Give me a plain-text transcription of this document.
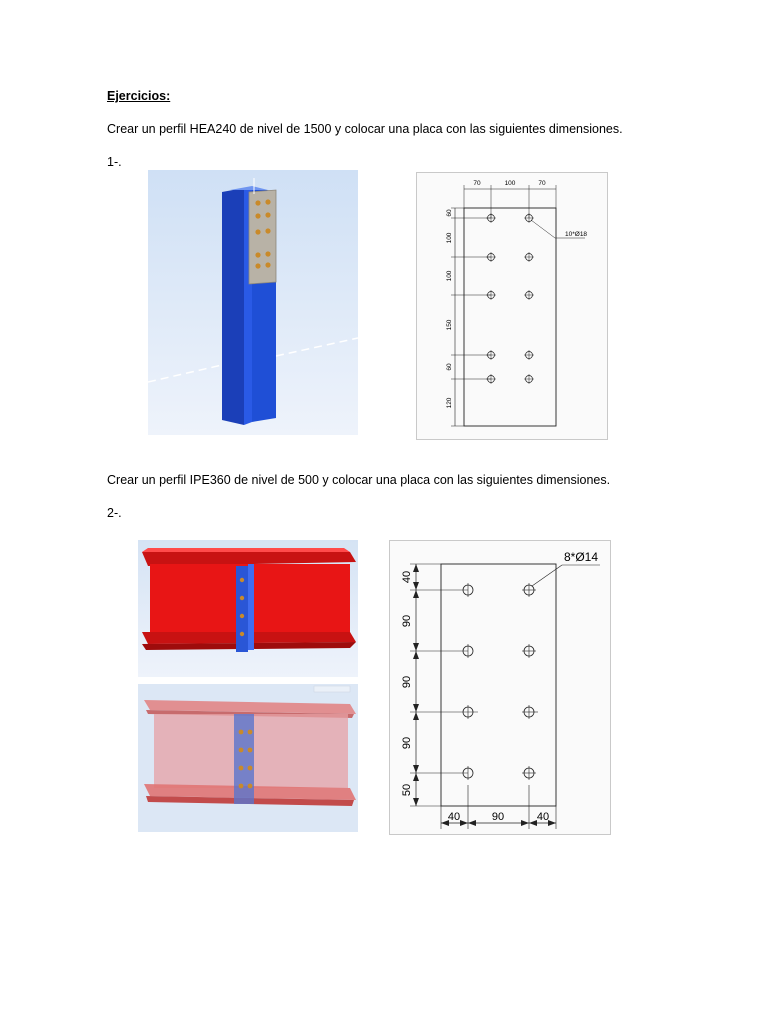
Ejercicios:
Crear un perfil HEA240 de nivel de 1500 y colocar una placa con las siguientes dimensiones.
1-.
70	100	70
60
100
100
150
60
120
10*Ø18
Crear un perfil IPE360 de nivel de 500 y colocar una placa con las siguientes dimensiones.
2-.
40
90
90
90
50
40	90	40
8*Ø14
